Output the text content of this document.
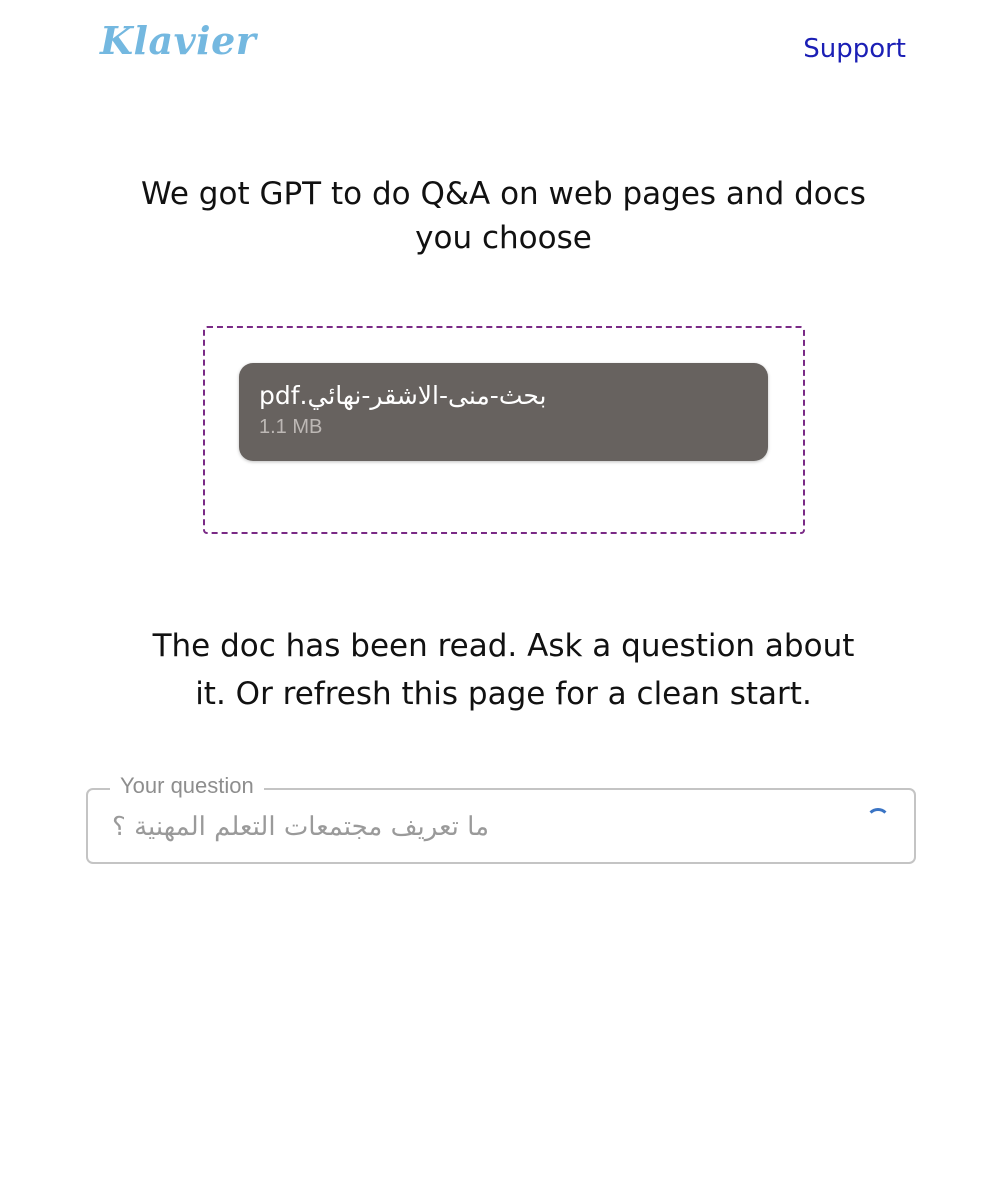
Klavier	Support
We got GPT to do Q&A on web pages and docs you choose
بحث-منى-الاشقر-نهائي.pdf
1.1 MB
The doc has been read. Ask a question about it. Or refresh this page for a clean start.
Your question
ما تعريف مجتمعات التعلم المهنية ؟
